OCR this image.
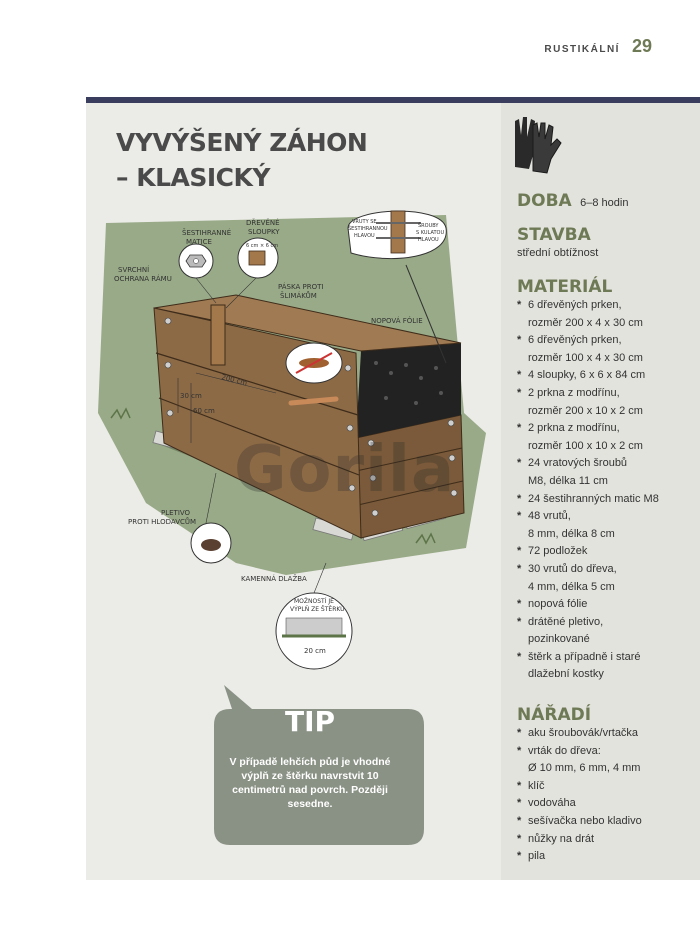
RUSTIKÁLNÍ 29
VYVÝŠENÝ ZÁHON
– KLASICKÝ
200 cm
30 cm
60 cm
6 cm × 6 cm
ŠESTIHRANNÉ
MATICE
DŘEVĚNÉ
SLOUPKY
SVRCHNÍ
OCHRANA RÁMU
PÁSKA PROTI
ŠLIMÁKŮM
VRUTY SE
ŠESTIHRANNOU
HLAVOU
ŠROUBY
S KULATOU
HLAVOU
NOPOVÁ FÓLIE
PLETIVO
PROTI HLODAVCŮM
KAMENNÁ DLAŽBA
MOŽNOSTÍ JE
VÝPLŇ ZE ŠTĚRKU
20 cm
Gorila
TIP

V případě lehčích půd je vhodné výplň ze štěrku navrstvit 10 centimetrů nad povrch. Později sesedne.

DOBA 6–8 hodin
STAVBA
střední obtížnost
MATERIÁL
* 6 dřevěných prken,
rozměr 200 x 4 x 30 cm
* 6 dřevěných prken,
rozměr 100 x 4 x 30 cm
* 4 sloupky, 6 x 6 x 84 cm
* 2 prkna z modřínu,
rozměr 200 x 10 x 2 cm
* 2 prkna z modřínu,
rozměr 100 x 10 x 2 cm
* 24 vratových šroubů
M8, délka 11 cm
* 24 šestihranných matic M8
* 48 vrutů,
8 mm, délka 8 cm
* 72 podložek
* 30 vrutů do dřeva,
4 mm, délka 5 cm
* nopová fólie
* drátěné pletivo,
pozinkované
* štěrk a případně i staré
dlažební kostky
NÁŘADÍ
* aku šroubovák/vrtačka
* vrták do dřeva:
Ø 10 mm, 6 mm, 4 mm
* klíč
* vodováha
* sešívačka nebo kladivo
* nůžky na drát
* pila
